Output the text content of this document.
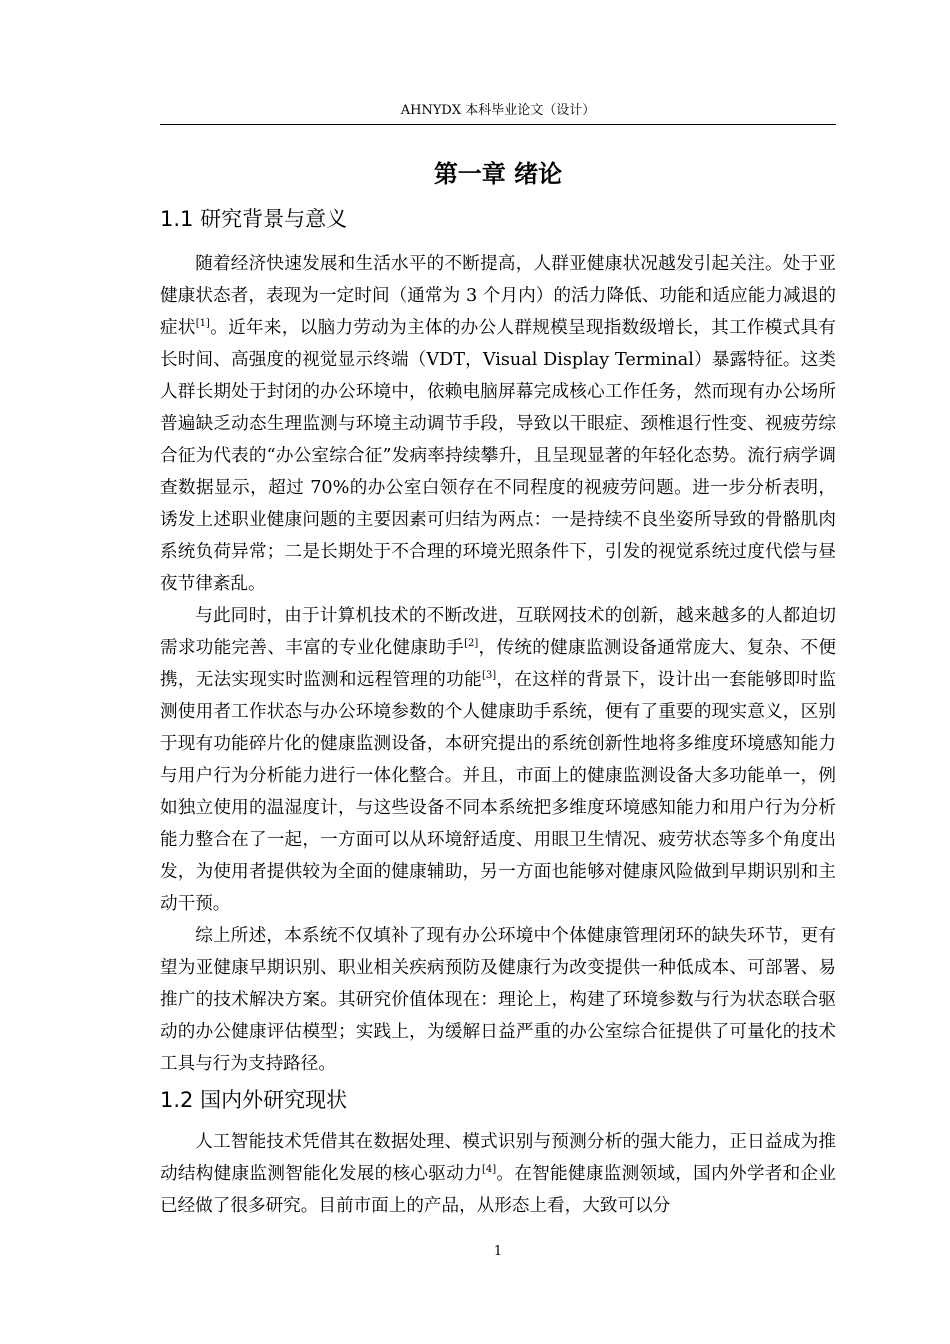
AHNYDX 本科毕业论文（设计）
第一章 绪论
1.1 研究背景与意义

随着经济快速发展和生活水平的不断提高，人群亚健康状况越发引起关注。处于亚健康状态者，表现为一定时间（通常为 3 个月内）的活力降低、功能和适应能力减退的症状[1]。近年来，以脑力劳动为主体的办公人群规模呈现指数级增长，其工作模式具有长时间、高强度的视觉显示终端（VDT，Visual Display Terminal）暴露特征。这类人群长期处于封闭的办公环境中，依赖电脑屏幕完成核心工作任务，然而现有办公场所普遍缺乏动态生理监测与环境主动调节手段，导致以干眼症、颈椎退行性变、视疲劳综合征为代表的“办公室综合征”发病率持续攀升，且呈现显著的年轻化态势。流行病学调查数据显示，超过 70%的办公室白领存在不同程度的视疲劳问题。进一步分析表明，诱发上述职业健康问题的主要因素可归结为两点：一是持续不良坐姿所导致的骨骼肌肉系统负荷异常；二是长期处于不合理的环境光照条件下，引发的视觉系统过度代偿与昼夜节律紊乱。

与此同时，由于计算机技术的不断改进，互联网技术的创新，越来越多的人都迫切需求功能完善、丰富的专业化健康助手[2]，传统的健康监测设备通常庞大、复杂、不便携，无法实现实时监测和远程管理的功能[3]，在这样的背景下，设计出一套能够即时监测使用者工作状态与办公环境参数的个人健康助手系统，便有了重要的现实意义，区别于现有功能碎片化的健康监测设备，本研究提出的系统创新性地将多维度环境感知能力与用户行为分析能力进行一体化整合。并且，市面上的健康监测设备大多功能单一，例如独立使用的温湿度计，与这些设备不同本系统把多维度环境感知能力和用户行为分析能力整合在了一起，一方面可以从环境舒适度、用眼卫生情况、疲劳状态等多个角度出发，为使用者提供较为全面的健康辅助，另一方面也能够对健康风险做到早期识别和主动干预。

综上所述，本系统不仅填补了现有办公环境中个体健康管理闭环的缺失环节，更有望为亚健康早期识别、职业相关疾病预防及健康行为改变提供一种低成本、可部署、易推广的技术解决方案。其研究价值体现在：理论上，构建了环境参数与行为状态联合驱动的办公健康评估模型；实践上，为缓解日益严重的办公室综合征提供了可量化的技术工具与行为支持路径。

1.2 国内外研究现状

人工智能技术凭借其在数据处理、模式识别与预测分析的强大能力，正日益成为推动结构健康监测智能化发展的核心驱动力[4]。在智能健康监测领域，国内外学者和企业已经做了很多研究。目前市面上的产品，从形态上看，大致可以分

1
